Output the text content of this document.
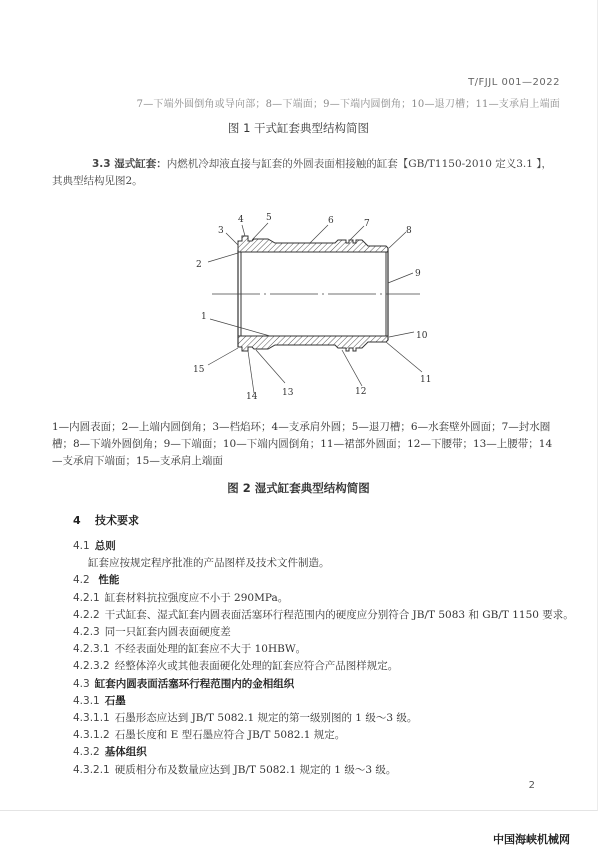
T/FJJL 001—2022
7—下端外圆倒角或导向部；8—下端面；9—下端内圆倒角；10—退刀槽；11—支承肩上端面
图 1 干式缸套典型结构简图
3.3 湿式缸套：内燃机冷却液直接与缸套的外圆表面相接触的缸套【GB/T1150-2010 定义3.1 】，
其典型结构见图2。
2
3
4 5	6	7
8
9
1
10
11
12
13
14
15
1—内圆表面；2—上端内圆倒角；3—档焰环；4—支承肩外圆；5—退刀槽；6—水套壁外圆面；7—封水圈槽；8—下端外圆倒角；9—下端面；10—下端内圆倒角；11—裙部外圆面；12—下腰带；13—上腰带；14—支承肩下端面；15—支承肩上端面
图 2 湿式缸套典型结构简图
4 技术要求
4.1 总则
缸套应按规定程序批准的产品图样及技术文件制造。
4.2 性能
4.2.1 缸套材料抗拉强度应不小于 290MPa。
4.2.2 干式缸套、湿式缸套内圆表面活塞环行程范围内的硬度应分别符合 JB/T 5083 和 GB/T 1150 要求。
4.2.3 同一只缸套内圆表面硬度差
4.2.3.1 不经表面处理的缸套应不大于 10HBW。
4.2.3.2 经整体淬火或其他表面硬化处理的缸套应符合产品图样规定。
4.3 缸套内圆表面活塞环行程范围内的金相组织
4.3.1 石墨
4.3.1.1 石墨形态应达到 JB/T 5082.1 规定的第一级别图的 1 级～3 级。
4.3.1.2 石墨长度和 E 型石墨应符合 JB/T 5082.1 规定。
4.3.2 基体组织
4.3.2.1 硬质相分布及数量应达到 JB/T 5082.1 规定的 1 级～3 级。
2
中国海峡机械网
